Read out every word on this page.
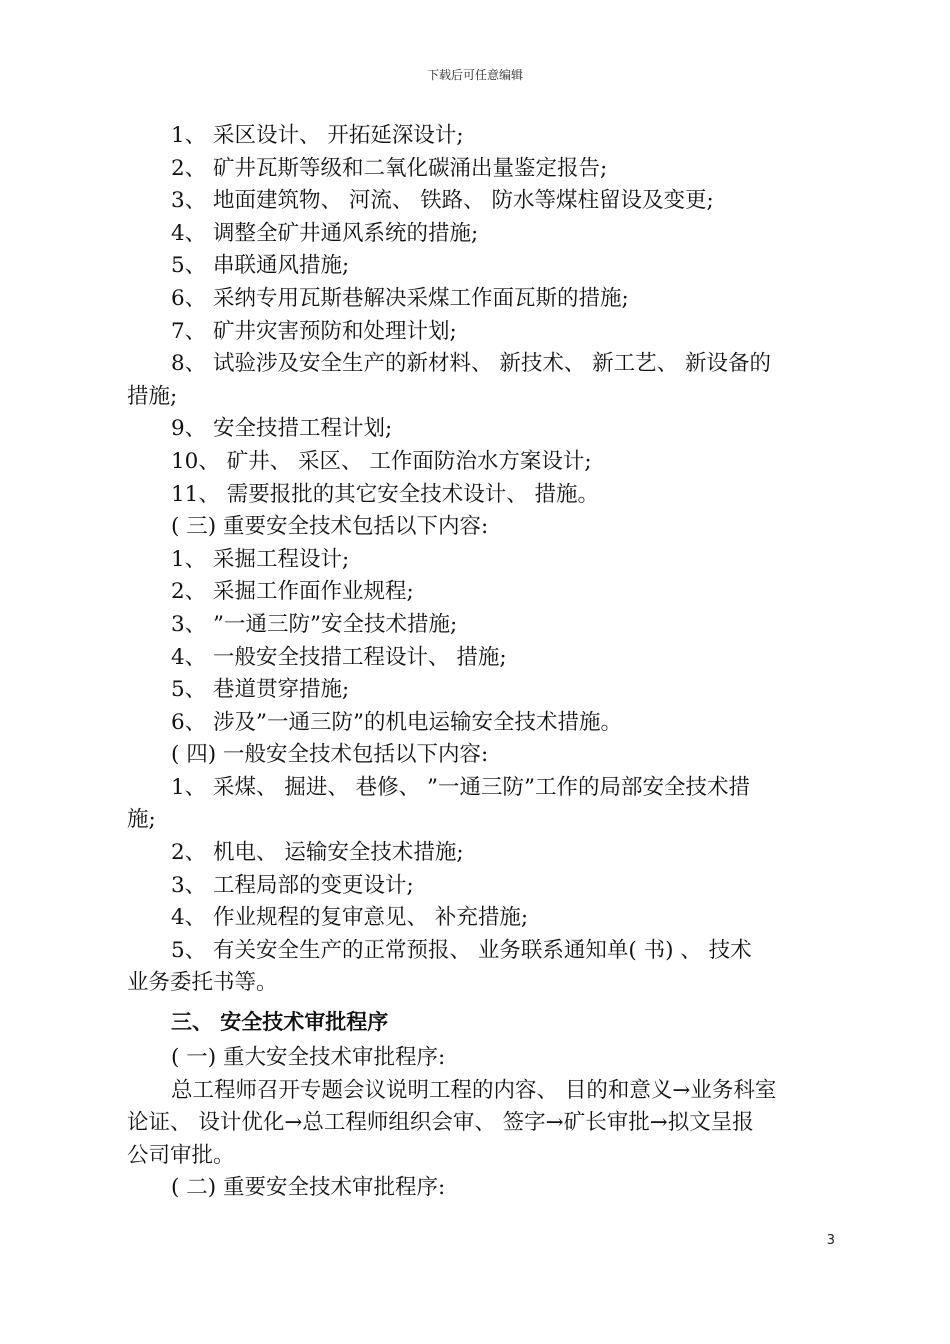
下载后可任意编辑
1、 采区设计、 开拓延深设计;
2、 矿井瓦斯等级和二氧化碳涌出量鉴定报告;
3、 地面建筑物、 河流、 铁路、 防水等煤柱留设及变更;
4、 调整全矿井通风系统的措施;
5、 串联通风措施;
6、 采纳专用瓦斯巷解决采煤工作面瓦斯的措施;
7、 矿井灾害预防和处理计划;
8、 试验涉及安全生产的新材料、 新技术、 新工艺、 新设备的
措施;
9、 安全技措工程计划;
10、 矿井、 采区、 工作面防治水方案设计;
11、 需要报批的其它安全技术设计、 措施。
( 三) 重要安全技术包括以下内容:
1、 采掘工程设计;
2、 采掘工作面作业规程;
3、 ”一通三防”安全技术措施;
4、 一般安全技措工程设计、 措施;
5、 巷道贯穿措施;
6、 涉及”一通三防”的机电运输安全技术措施。
( 四) 一般安全技术包括以下内容:
1、 采煤、 掘进、 巷修、 ”一通三防”工作的局部安全技术措
施;
2、 机电、 运输安全技术措施;
3、 工程局部的变更设计;
4、 作业规程的复审意见、 补充措施;
5、 有关安全生产的正常预报、 业务联系通知单( 书) 、 技术
业务委托书等。
三、 安全技术审批程序
( 一) 重大安全技术审批程序:
总工程师召开专题会议说明工程的内容、 目的和意义→业务科室
论证、 设计优化→总工程师组织会审、 签字→矿长审批→拟文呈报
公司审批。
( 二) 重要安全技术审批程序:
3
